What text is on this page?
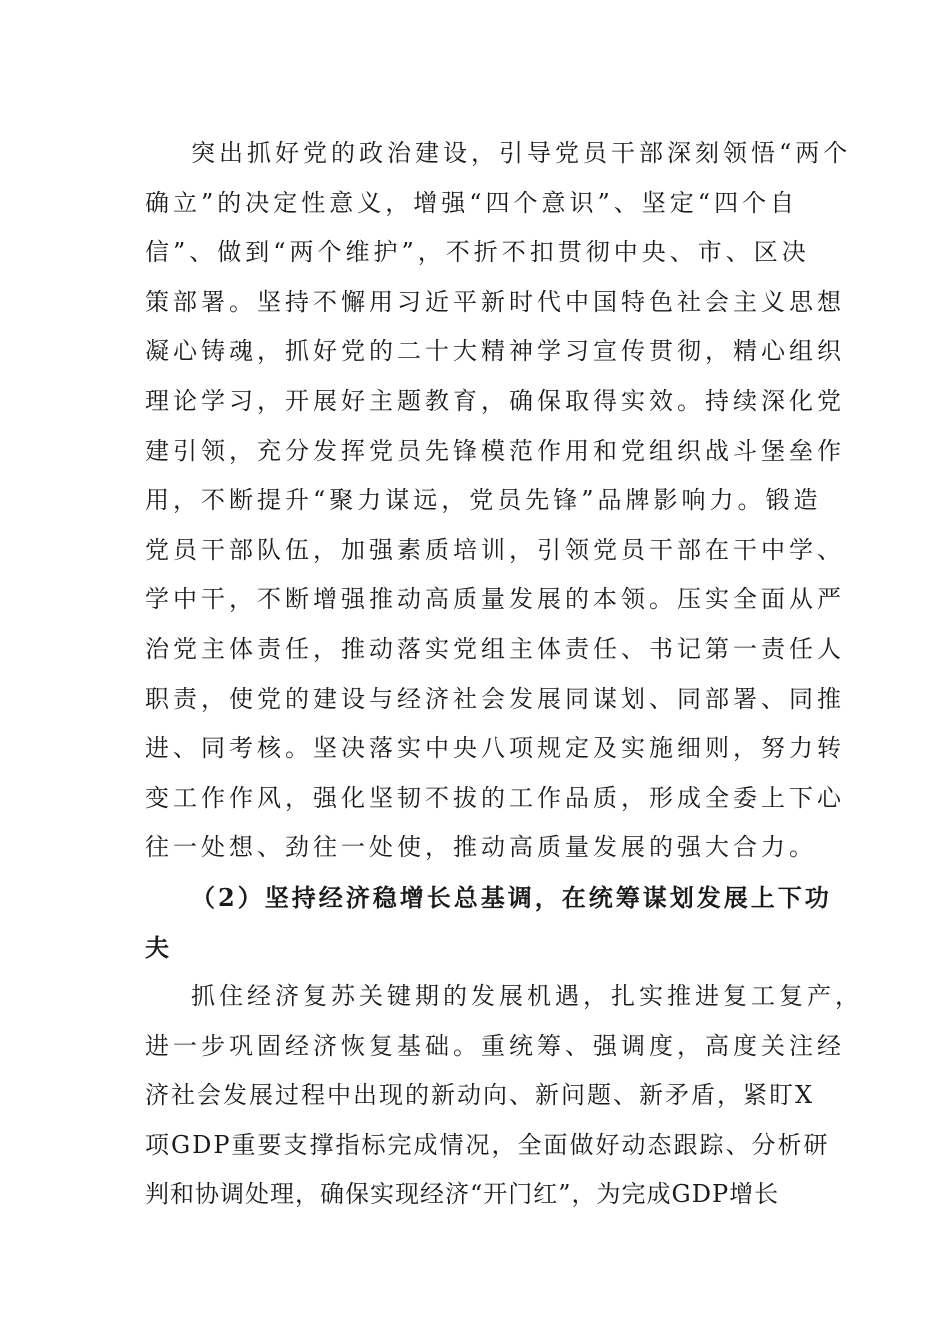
突出抓好党的政治建设，引导党员干部深刻领悟“两个
确立”的决定性意义，增强“四个意识”、坚定“四个自
信”、做到“两个维护”，不折不扣贯彻中央、市、区决
策部署。坚持不懈用习近平新时代中国特色社会主义思想
凝心铸魂，抓好党的二十大精神学习宣传贯彻，精心组织
理论学习，开展好主题教育，确保取得实效。持续深化党
建引领，充分发挥党员先锋模范作用和党组织战斗堡垒作
用，不断提升“聚力谋远，党员先锋”品牌影响力。锻造
党员干部队伍，加强素质培训，引领党员干部在干中学、
学中干，不断增强推动高质量发展的本领。压实全面从严
治党主体责任，推动落实党组主体责任、书记第一责任人
职责，使党的建设与经济社会发展同谋划、同部署、同推
进、同考核。坚决落实中央八项规定及实施细则，努力转
变工作作风，强化坚韧不拔的工作品质，形成全委上下心
往一处想、劲往一处使，推动高质量发展的强大合力。
（2）坚持经济稳增长总基调，在统筹谋划发展上下功
夫
抓住经济复苏关键期的发展机遇，扎实推进复工复产，
进一步巩固经济恢复基础。重统筹、强调度，高度关注经
济社会发展过程中出现的新动向、新问题、新矛盾，紧盯X
项GDP重要支撑指标完成情况，全面做好动态跟踪、分析研
判和协调处理，确保实现经济“开门红”，为完成GDP增长
